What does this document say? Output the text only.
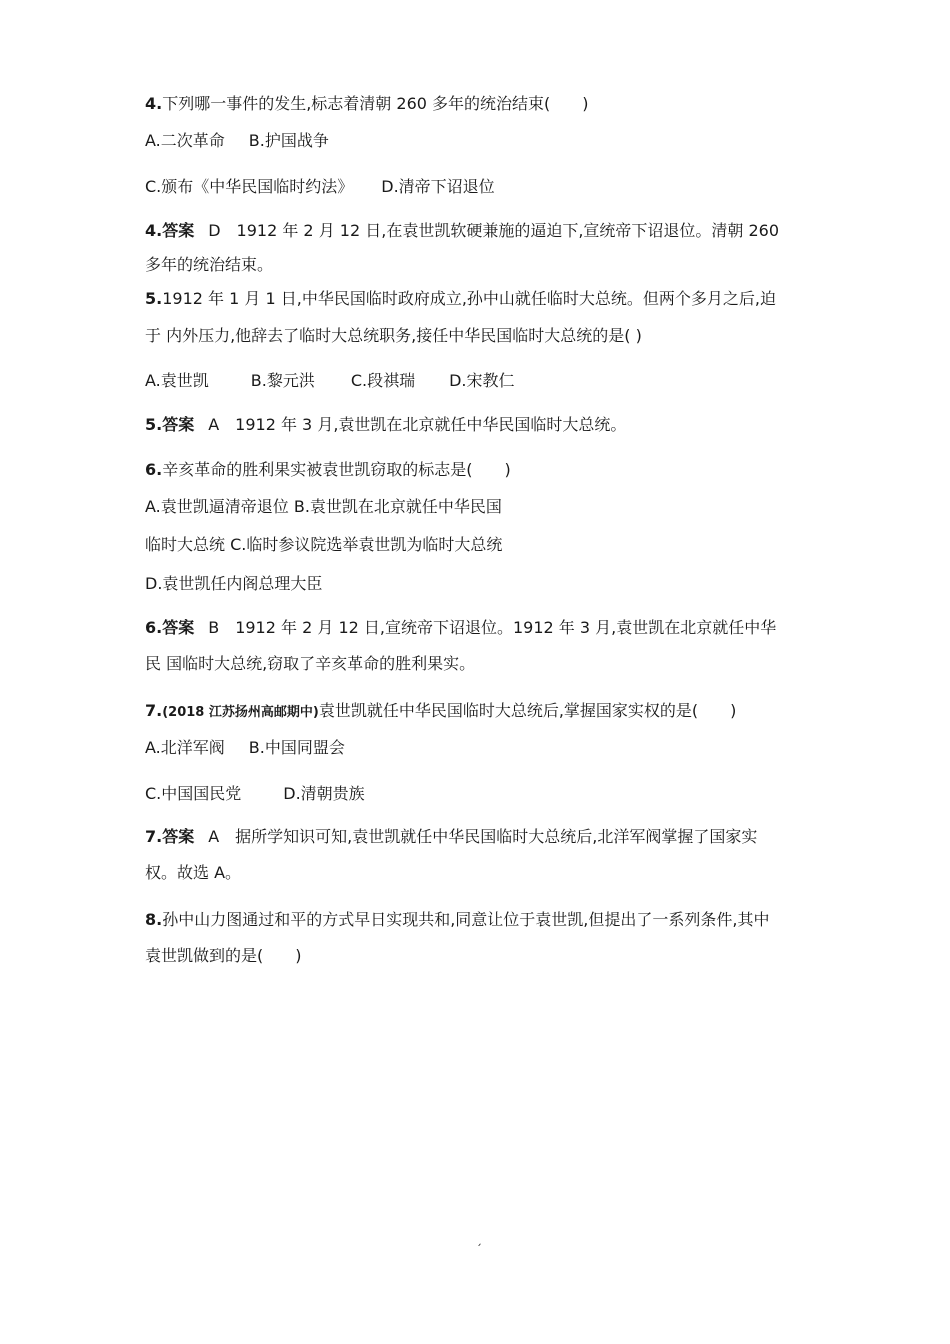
4.下列哪一事件的发生,标志着清朝 260 多年的统治结束(　　)
A.二次革命 B.护国战争
C.颁布《中华民国临时约法》 D.清帝下诏退位
4.答案 D　1912 年 2 月 12 日,在袁世凯软硬兼施的逼迫下,宣统帝下诏退位。清朝 260
多年的统治结束。
5.1912 年 1 月 1 日,中华民国临时政府成立,孙中山就任临时大总统。但两个多月之后,迫
于 内外压力,他辞去了临时大总统职务,接任中华民国临时大总统的是( )
A.袁世凯	B.黎元洪 C.段祺瑞 D.宋教仁
5.答案 A　1912 年 3 月,袁世凯在北京就任中华民国临时大总统。
6.辛亥革命的胜利果实被袁世凯窃取的标志是(　　)
A.袁世凯逼清帝退位 B.袁世凯在北京就任中华民国
临时大总统 C.临时参议院选举袁世凯为临时大总统
D.袁世凯任内阁总理大臣
6.答案 B　1912 年 2 月 12 日,宣统帝下诏退位。1912 年 3 月,袁世凯在北京就任中华
民 国临时大总统,窃取了辛亥革命的胜利果实。
7.(2018 江苏扬州高邮期中)袁世凯就任中华民国临时大总统后,掌握国家实权的是(　　)
A.北洋军阀 B.中国同盟会
C.中国国民党	D.清朝贵族
7.答案 A　据所学知识可知,袁世凯就任中华民国临时大总统后,北洋军阀掌握了国家实
权。故选 A。
8.孙中山力图通过和平的方式早日实现共和,同意让位于袁世凯,但提出了一系列条件,其中
袁世凯做到的是(　　)
ˏ
